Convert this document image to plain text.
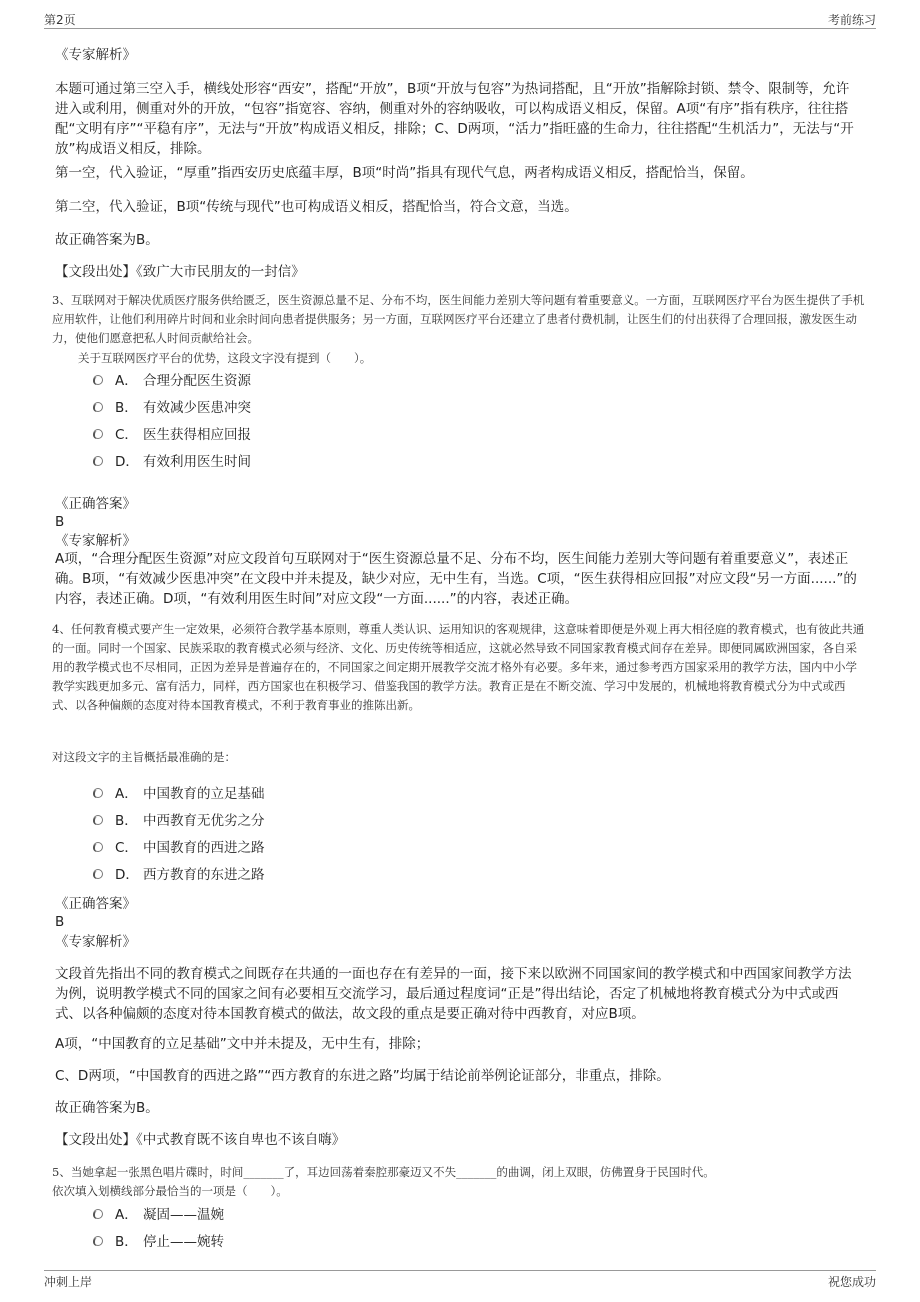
第2页	考前练习
《专家解析》
本题可通过第三空入手，横线处形容“西安”，搭配“开放”，B项“开放与包容”为热词搭配，且“开放”指解除封锁、禁令、限制等，允许进入或利用，侧重对外的开放，“包容”指宽容、容纳，侧重对外的容纳吸收，可以构成语义相反，保留。A项“有序”指有秩序，往往搭配“文明有序”“平稳有序”，无法与“开放”构成语义相反，排除；C、D两项，“活力”指旺盛的生命力，往往搭配“生机活力”，无法与“开放”构成语义相反，排除。
第一空，代入验证，“厚重”指西安历史底蕴丰厚，B项“时尚”指具有现代气息，两者构成语义相反，搭配恰当，保留。
第二空，代入验证，B项“传统与现代”也可构成语义相反，搭配恰当，符合文意，当选。
故正确答案为B。
【文段出处】《致广大市民朋友的一封信》
3、互联网对于解决优质医疗服务供给匮乏，医生资源总量不足、分布不均，医生间能力差别大等问题有着重要意义。一方面，互联网医疗平台为医生提供了手机应用软件，让他们利用碎片时间和业余时间向患者提供服务；另一方面，互联网医疗平台还建立了患者付费机制，让医生们的付出获得了合理回报，激发医生动力，使他们愿意把私人时间贡献给社会。
关于互联网医疗平台的优势，这段文字没有提到（　　）。
A． 合理分配医生资源
B． 有效减少医患冲突
C． 医生获得相应回报
D． 有效利用医生时间
《正确答案》
B
《专家解析》
A项，“合理分配医生资源”对应文段首句互联网对于“医生资源总量不足、分布不均，医生间能力差别大等问题有着重要意义”，表述正确。B项，“有效减少医患冲突”在文段中并未提及，缺少对应，无中生有，当选。C项，“医生获得相应回报”对应文段“另一方面......”的内容，表述正确。D项，“有效利用医生时间”对应文段“一方面......”的内容，表述正确。
4、任何教育模式要产生一定效果，必须符合教学基本原则，尊重人类认识、运用知识的客观规律，这意味着即便是外观上再大相径庭的教育模式，也有彼此共通的一面。同时一个国家、民族采取的教育模式必须与经济、文化、历史传统等相适应，这就必然导致不同国家教育模式间存在差异。即便同属欧洲国家，各自采用的教学模式也不尽相同，正因为差异是普遍存在的，不同国家之间定期开展教学交流才格外有必要。多年来，通过参考西方国家采用的教学方法，国内中小学教学实践更加多元、富有活力，同样，西方国家也在积极学习、借鉴我国的教学方法。教育正是在不断交流、学习中发展的，机械地将教育模式分为中式或西式、以各种偏颇的态度对待本国教育模式，不利于教育事业的推陈出新。
对这段文字的主旨概括最准确的是：
A． 中国教育的立足基础
B． 中西教育无优劣之分
C． 中国教育的西进之路
D． 西方教育的东进之路
《正确答案》
B
《专家解析》
文段首先指出不同的教育模式之间既存在共通的一面也存在有差异的一面，接下来以欧洲不同国家间的教学模式和中西国家间教学方法为例，说明教学模式不同的国家之间有必要相互交流学习，最后通过程度词“正是”得出结论，否定了机械地将教育模式分为中式或西式、以各种偏颇的态度对待本国教育模式的做法，故文段的重点是要正确对待中西教育，对应B项。
A项，“中国教育的立足基础”文中并未提及，无中生有，排除；
C、D两项，“中国教育的西进之路”“西方教育的东进之路”均属于结论前举例论证部分，非重点，排除。
故正确答案为B。
【文段出处】《中式教育既不该自卑也不该自嗨》
5、当她拿起一张黑色唱片碟时，时间_______了，耳边回荡着秦腔那豪迈又不失_______的曲调，闭上双眼，仿佛置身于民国时代。
依次填入划横线部分最恰当的一项是（　　）。
A． 凝固——温婉
B． 停止——婉转
冲刺上岸	祝您成功
